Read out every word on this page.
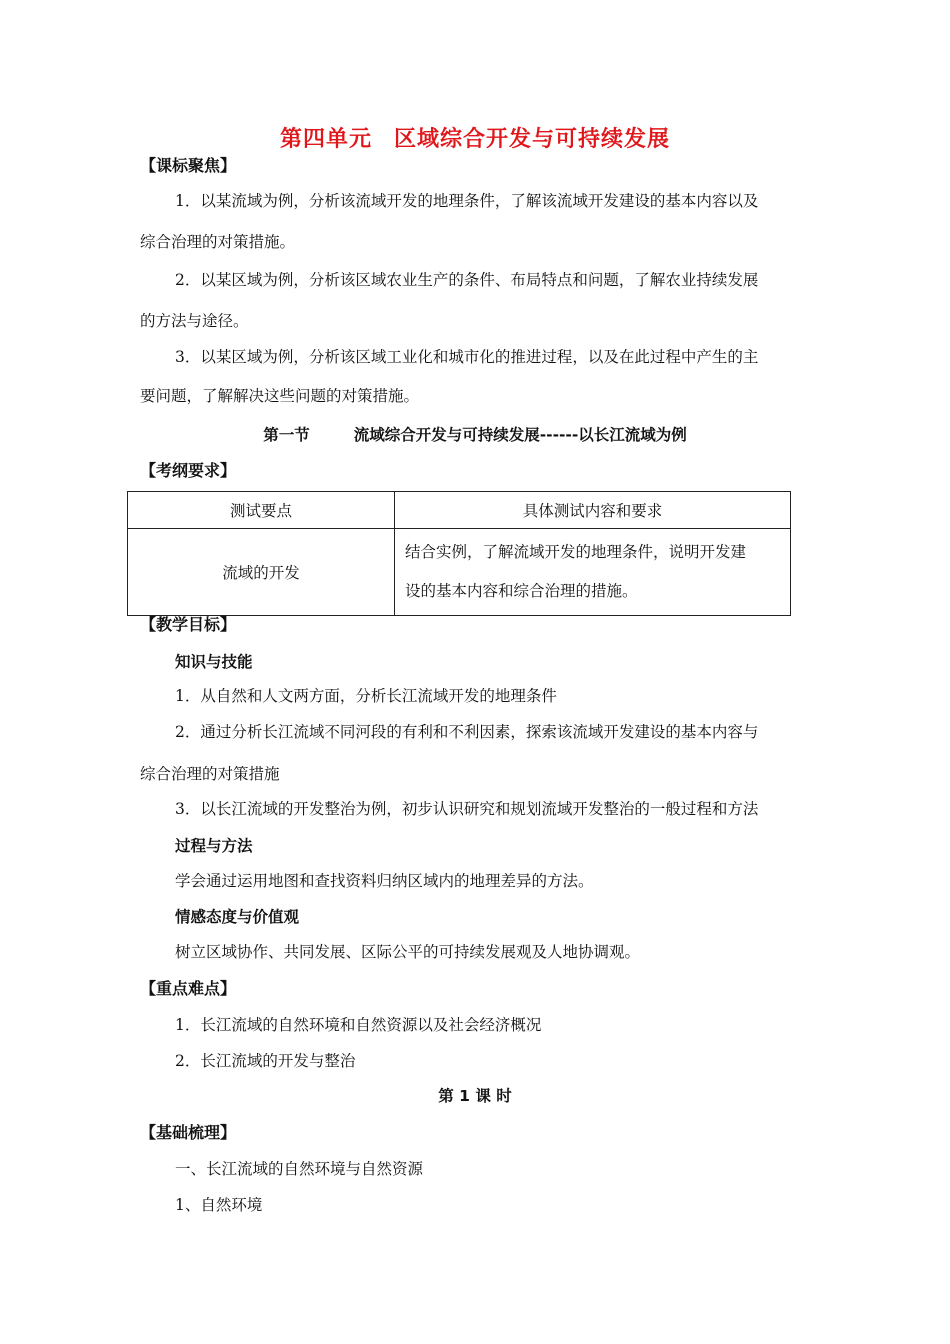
第四单元 区域综合开发与可持续发展
【课标聚焦】
1．以某流域为例，分析该流域开发的地理条件，了解该流域开发建设的基本内容以及
综合治理的对策措施。
2．以某区域为例，分析该区域农业生产的条件、布局特点和问题，了解农业持续发展
的方法与途径。
3．以某区域为例，分析该区域工业化和城市化的推进过程，以及在此过程中产生的主
要问题，了解解决这些问题的对策措施。
第一节	流域综合开发与可持续发展------以长江流域为例
【考纲要求】
测试要点	具体测试内容和要求
流域的开发	结合实例，了解流域开发的地理条件，说明开发建
设的基本内容和综合治理的措施。
【教学目标】
知识与技能
1．从自然和人文两方面，分析长江流域开发的地理条件
2．通过分析长江流域不同河段的有利和不利因素，探索该流域开发建设的基本内容与
综合治理的对策措施
3．以长江流域的开发整治为例，初步认识研究和规划流域开发整治的一般过程和方法
过程与方法
学会通过运用地图和查找资料归纳区域内的地理差异的方法。
情感态度与价值观
树立区域协作、共同发展、区际公平的可持续发展观及人地协调观。
【重点难点】
1．长江流域的自然环境和自然资源以及社会经济概况
2．长江流域的开发与整治
第 1 课 时
【基础梳理】
一、长江流域的自然环境与自然资源
1、自然环境
